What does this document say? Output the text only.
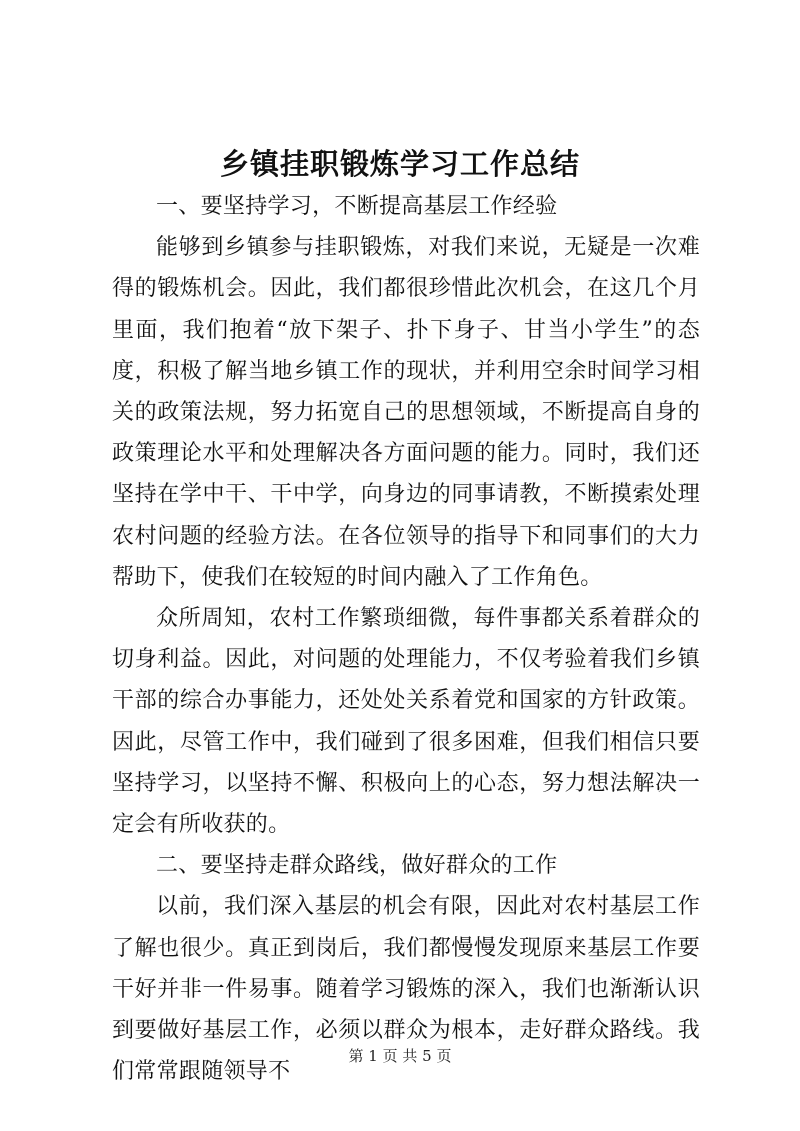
乡镇挂职锻炼学习工作总结

一、要坚持学习，不断提高基层工作经验

能够到乡镇参与挂职锻炼，对我们来说，无疑是一次难得的锻炼机会。因此，我们都很珍惜此次机会，在这几个月里面，我们抱着“放下架子、扑下身子、甘当小学生”的态度，积极了解当地乡镇工作的现状，并利用空余时间学习相关的政策法规，努力拓宽自己的思想领域，不断提高自身的政策理论水平和处理解决各方面问题的能力。同时，我们还坚持在学中干、干中学，向身边的同事请教，不断摸索处理农村问题的经验方法。在各位领导的指导下和同事们的大力帮助下，使我们在较短的时间内融入了工作角色。

众所周知，农村工作繁琐细微，每件事都关系着群众的切身利益。因此，对问题的处理能力，不仅考验着我们乡镇干部的综合办事能力，还处处关系着党和国家的方针政策。因此，尽管工作中，我们碰到了很多困难，但我们相信只要坚持学习，以坚持不懈、积极向上的心态，努力想法解决一定会有所收获的。

二、要坚持走群众路线，做好群众的工作

以前，我们深入基层的机会有限，因此对农村基层工作了解也很少。真正到岗后，我们都慢慢发现原来基层工作要干好并非一件易事。随着学习锻炼的深入，我们也渐渐认识到要做好基层工作，必须以群众为根本，走好群众路线。我们常常跟随领导不

第 1 页 共 5 页
